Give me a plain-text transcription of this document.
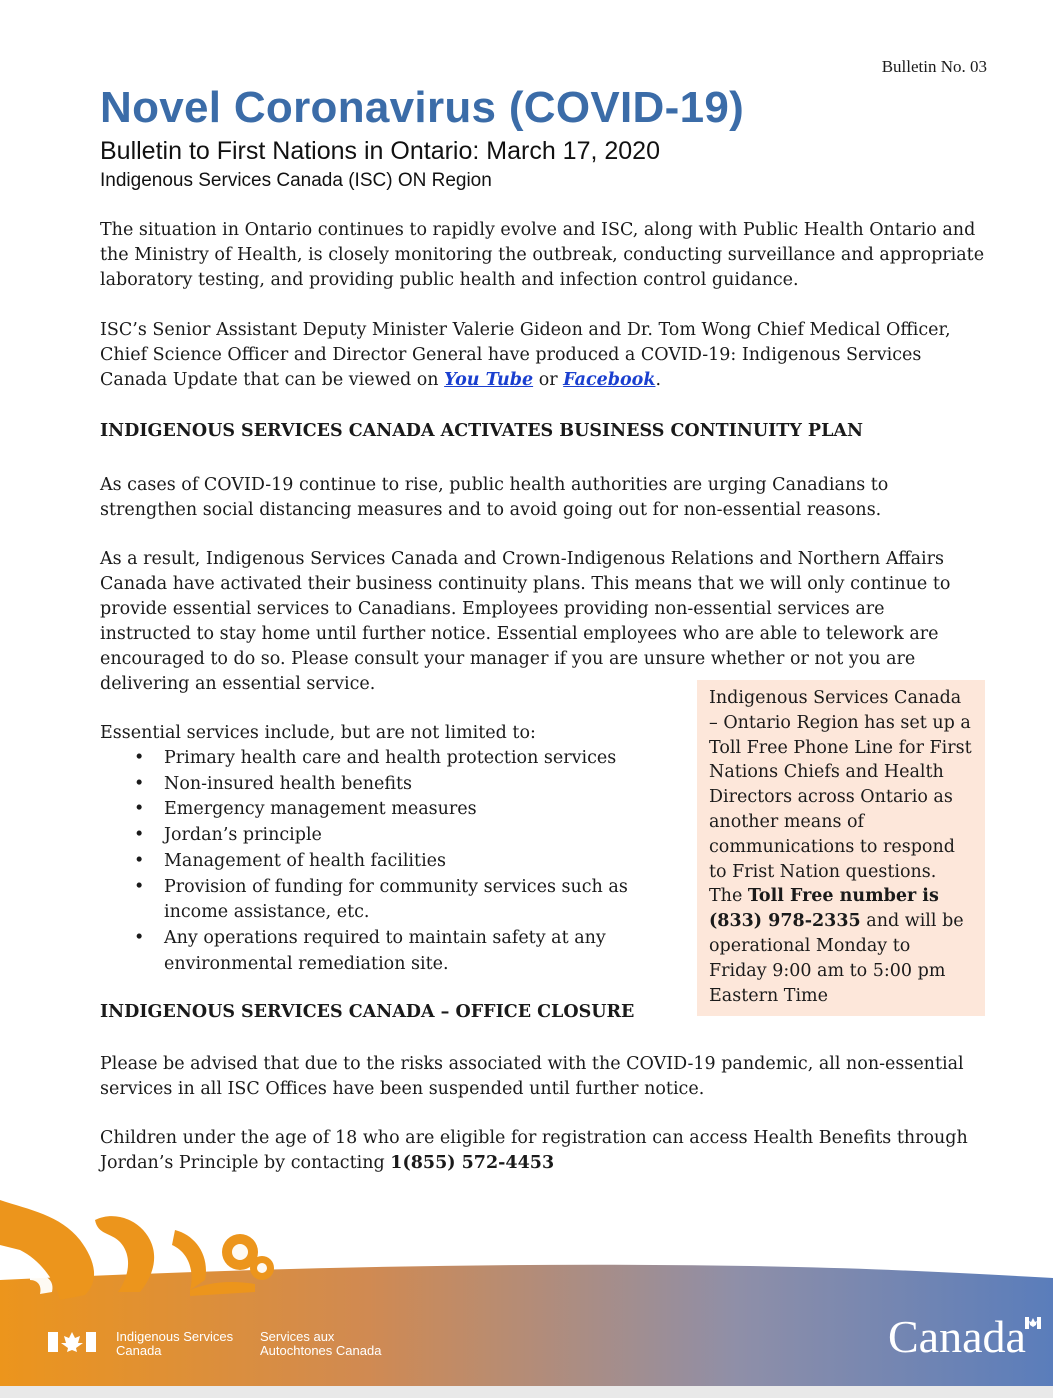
Bulletin No. 03
Novel Coronavirus (COVID-19)
Bulletin to First Nations in Ontario: March 17, 2020
Indigenous Services Canada (ISC) ON Region
The situation in Ontario continues to rapidly evolve and ISC, along with Public Health Ontario and the Ministry of Health, is closely monitoring the outbreak, conducting surveillance and appropriate laboratory testing, and providing public health and infection control guidance.
ISC’s Senior Assistant Deputy Minister Valerie Gideon and Dr. Tom Wong Chief Medical Officer, Chief Science Officer and Director General have produced a COVID-19: Indigenous Services Canada Update that can be viewed on You Tube or Facebook.
INDIGENOUS SERVICES CANADA ACTIVATES BUSINESS CONTINUITY PLAN
As cases of COVID-19 continue to rise, public health authorities are urging Canadians to strengthen social distancing measures and to avoid going out for non-essential reasons.
As a result, Indigenous Services Canada and Crown-Indigenous Relations and Northern Affairs Canada have activated their business continuity plans. This means that we will only continue to provide essential services to Canadians. Employees providing non-essential services are instructed to stay home until further notice. Essential employees who are able to telework are encouraged to do so. Please consult your manager if you are unsure whether or not you are delivering an essential service.
Essential services include, but are not limited to:
• Primary health care and health protection services
• Non-insured health benefits
• Emergency management measures
• Jordan’s principle
• Management of health facilities
• Provision of funding for community services such as income assistance, etc.
• Any operations required to maintain safety at any environmental remediation site.
Indigenous Services Canada – Ontario Region has set up a Toll Free Phone Line for First Nations Chiefs and Health Directors across Ontario as another means of communications to respond to Frist Nation questions. The Toll Free number is (833) 978-2335 and will be operational Monday to Friday 9:00 am to 5:00 pm Eastern Time
INDIGENOUS SERVICES CANADA – OFFICE CLOSURE
Please be advised that due to the risks associated with the COVID-19 pandemic, all non-essential services in all ISC Offices have been suspended until further notice.
Children under the age of 18 who are eligible for registration can access Health Benefits through Jordan’s Principle by contacting 1(855) 572-4453
Indigenous Services
Canada
Services aux
Autochtones Canada	Canada
